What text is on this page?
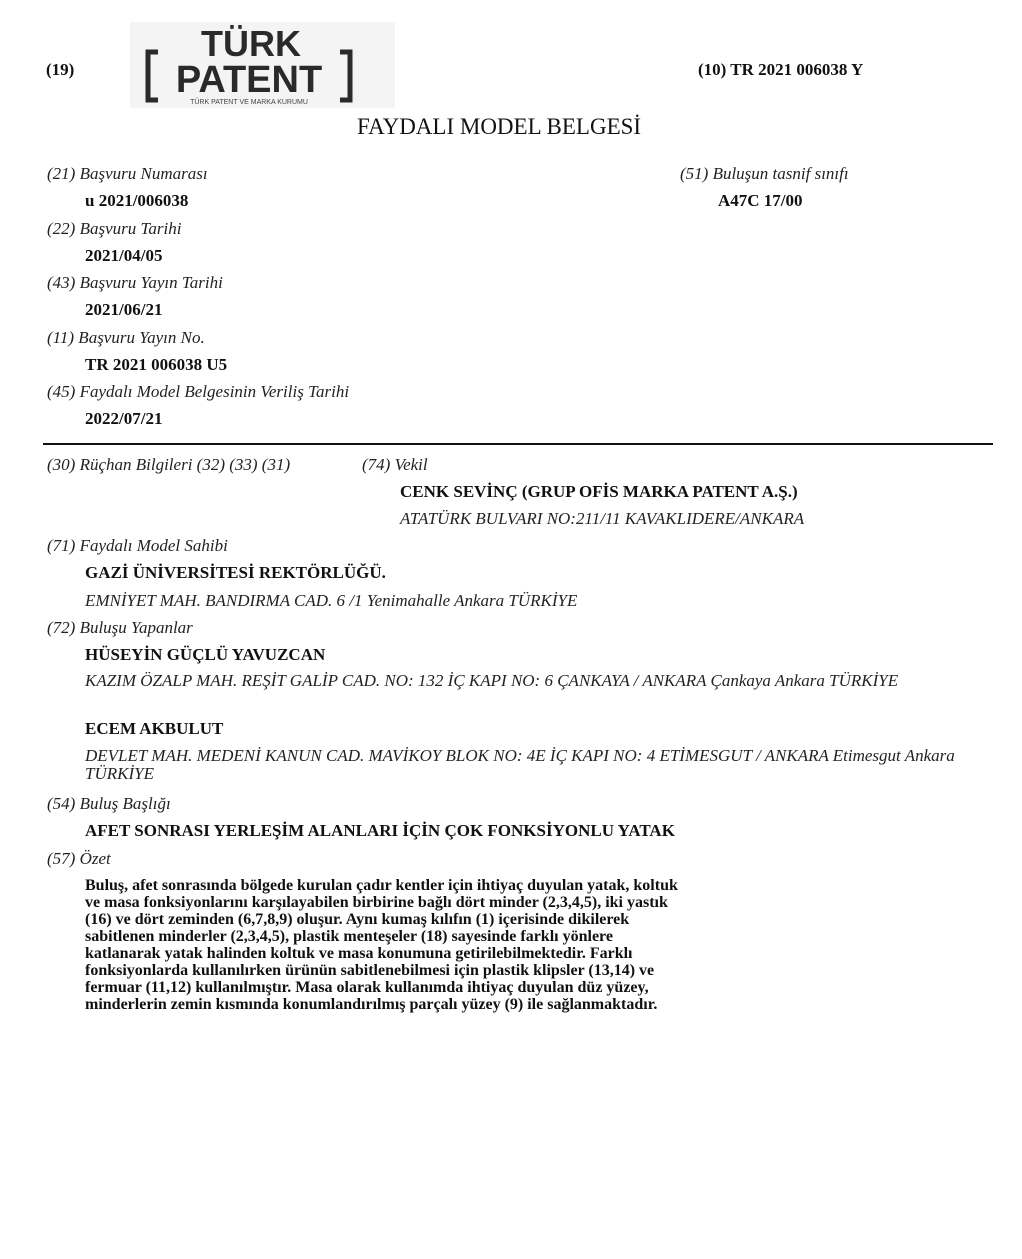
(19)
TÜRK
PATENT
TÜRK PATENT VE MARKA KURUMU
(10) TR 2021 006038 Y
FAYDALI MODEL BELGESİ
(21) Başvuru Numarası
u 2021/006038
(22) Başvuru Tarihi
2021/04/05
(43) Başvuru Yayın Tarihi
2021/06/21
(11) Başvuru Yayın No.
TR 2021 006038 U5
(45) Faydalı Model Belgesinin Veriliş Tarihi
2022/07/21
(51) Buluşun tasnif sınıfı
A47C 17/00
(30) Rüçhan Bilgileri (32) (33) (31)	(74) Vekil
CENK SEVİNÇ (GRUP OFİS MARKA PATENT A.Ş.)
ATATÜRK BULVARI NO:211/11 KAVAKLIDERE/ANKARA
(71) Faydalı Model Sahibi
GAZİ ÜNİVERSİTESİ REKTÖRLÜĞÜ.
EMNİYET MAH. BANDIRMA CAD. 6 /1 Yenimahalle Ankara TÜRKİYE
(72) Buluşu Yapanlar
HÜSEYİN GÜÇLÜ YAVUZCAN
KAZIM ÖZALP MAH. REŞİT GALİP CAD. NO: 132 İÇ KAPI NO: 6 ÇANKAYA / ANKARA Çankaya Ankara TÜRKİYE
ECEM AKBULUT
DEVLET MAH. MEDENİ KANUN CAD. MAVİKOY BLOK NO: 4E İÇ KAPI NO: 4 ETİMESGUT / ANKARA Etimesgut Ankara TÜRKİYE
(54) Buluş Başlığı
AFET SONRASI YERLEŞİM ALANLARI İÇİN ÇOK FONKSİYONLU YATAK
(57) Özet
Buluş, afet sonrasında bölgede kurulan çadır kentler için ihtiyaç duyulan yatak, koltuk ve masa fonksiyonlarını karşılayabilen birbirine bağlı dört minder (2,3,4,5), iki yastık (16) ve dört zeminden (6,7,8,9) oluşur. Aynı kumaş kılıfın (1) içerisinde dikilerek sabitlenen minderler (2,3,4,5), plastik menteşeler (18) sayesinde farklı yönlere katlanarak yatak halinden koltuk ve masa konumuna getirilebilmektedir. Farklı fonksiyonlarda kullanılırken ürünün sabitlenebilmesi için plastik klipsler (13,14) ve fermuar (11,12) kullanılmıştır. Masa olarak kullanımda ihtiyaç duyulan düz yüzey, minderlerin zemin kısmında konumlandırılmış parçalı yüzey (9) ile sağlanmaktadır.
